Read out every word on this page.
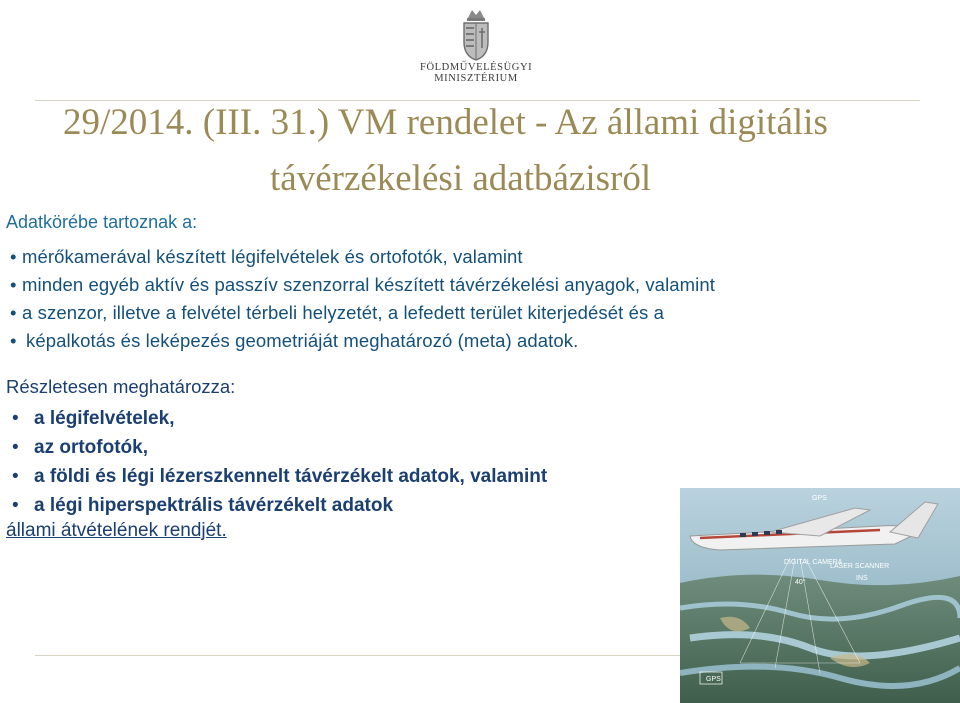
FÖLDMŰVELÉSÜGYI
MINISZTÉRIUM
29/2014. (III. 31.) VM rendelet - Az állami digitális
távérzékelési adatbázisról
Adatkörébe tartoznak a:
• mérőkamerával készített légifelvételek és ortofotók, valamint
• minden egyéb aktív és passzív szenzorral készített távérzékelési anyagok, valamint
• a szenzor, illetve a felvétel térbeli helyzetét, a lefedett terület kiterjedését és a
• képalkotás és leképezés geometriáját meghatározó (meta) adatok.
Részletesen meghatározza:
• a légifelvételek,
• az ortofotók,
• a földi és légi lézerszkennelt távérzékelt adatok, valamint
• a légi hiperspektrális távérzékelt adatok
állami átvételének rendjét.
GPS
DIGITAL CAMERA
LASER SCANNER
40°
INS
GPS
